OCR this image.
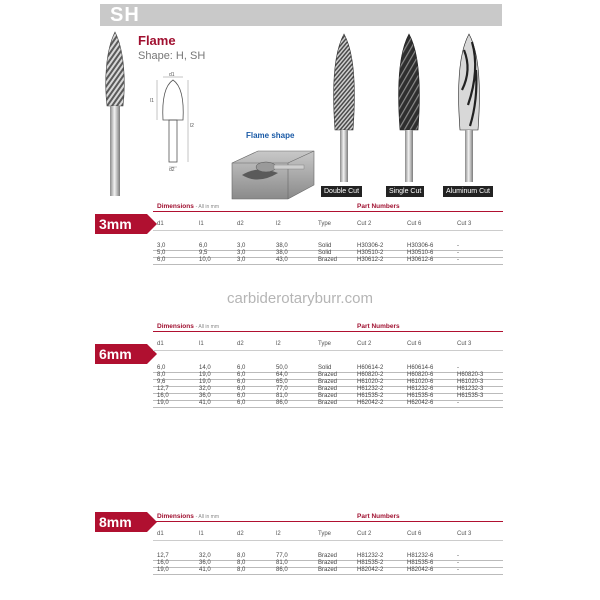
SH
Flame
Shape: H, SH
d1
l1
l2
d2
Flame shape
Double Cut	Single Cut	Aluminum Cut
carbiderotaryburr.com
3mm
Dimensions - All in mm	Part Numbers
d1	l1	d2	l2	Type	Cut 2	Cut 6	Cut 3
3,0	6,0	3,0	38,0	Solid	H30306-2	H30306-6	-
5,0	9,5	3,0	38,0	Solid	H30510-2	H30510-6	-
6,0	10,0	3,0	43,0	Brazed	H30612-2	H30612-6	-
6mm
Dimensions - All in mm	Part Numbers
d1	l1	d2	l2	Type	Cut 2	Cut 6	Cut 3
6,0	14,0	6,0	50,0	Solid	H60614-2	H60614-6	-
8,0	19,0	6,0	64,0	Brazed	H60820-2	H60820-6	H60820-3
9,6	19,0	6,0	65,0	Brazed	H61020-2	H61020-6	H61020-3
12,7	32,0	6,0	77,0	Brazed	H61232-2	H61232-6	H61232-3
16,0	36,0	6,0	81,0	Brazed	H61535-2	H61535-6	H61535-3
19,0	41,0	6,0	86,0	Brazed	H62042-2	H62042-6	-
8mm	Dimensions - All in mm	Part Numbers
d1	l1	d2	l2	Type	Cut 2	Cut 6	Cut 3
12,7	32,0	8,0	77,0	Brazed	H81232-2	H81232-6	-
16,0	36,0	8,0	81,0	Brazed	H81535-2	H81535-6	-
19,0	41,0	8,0	86,0	Brazed	H82042-2	H82042-6	-
